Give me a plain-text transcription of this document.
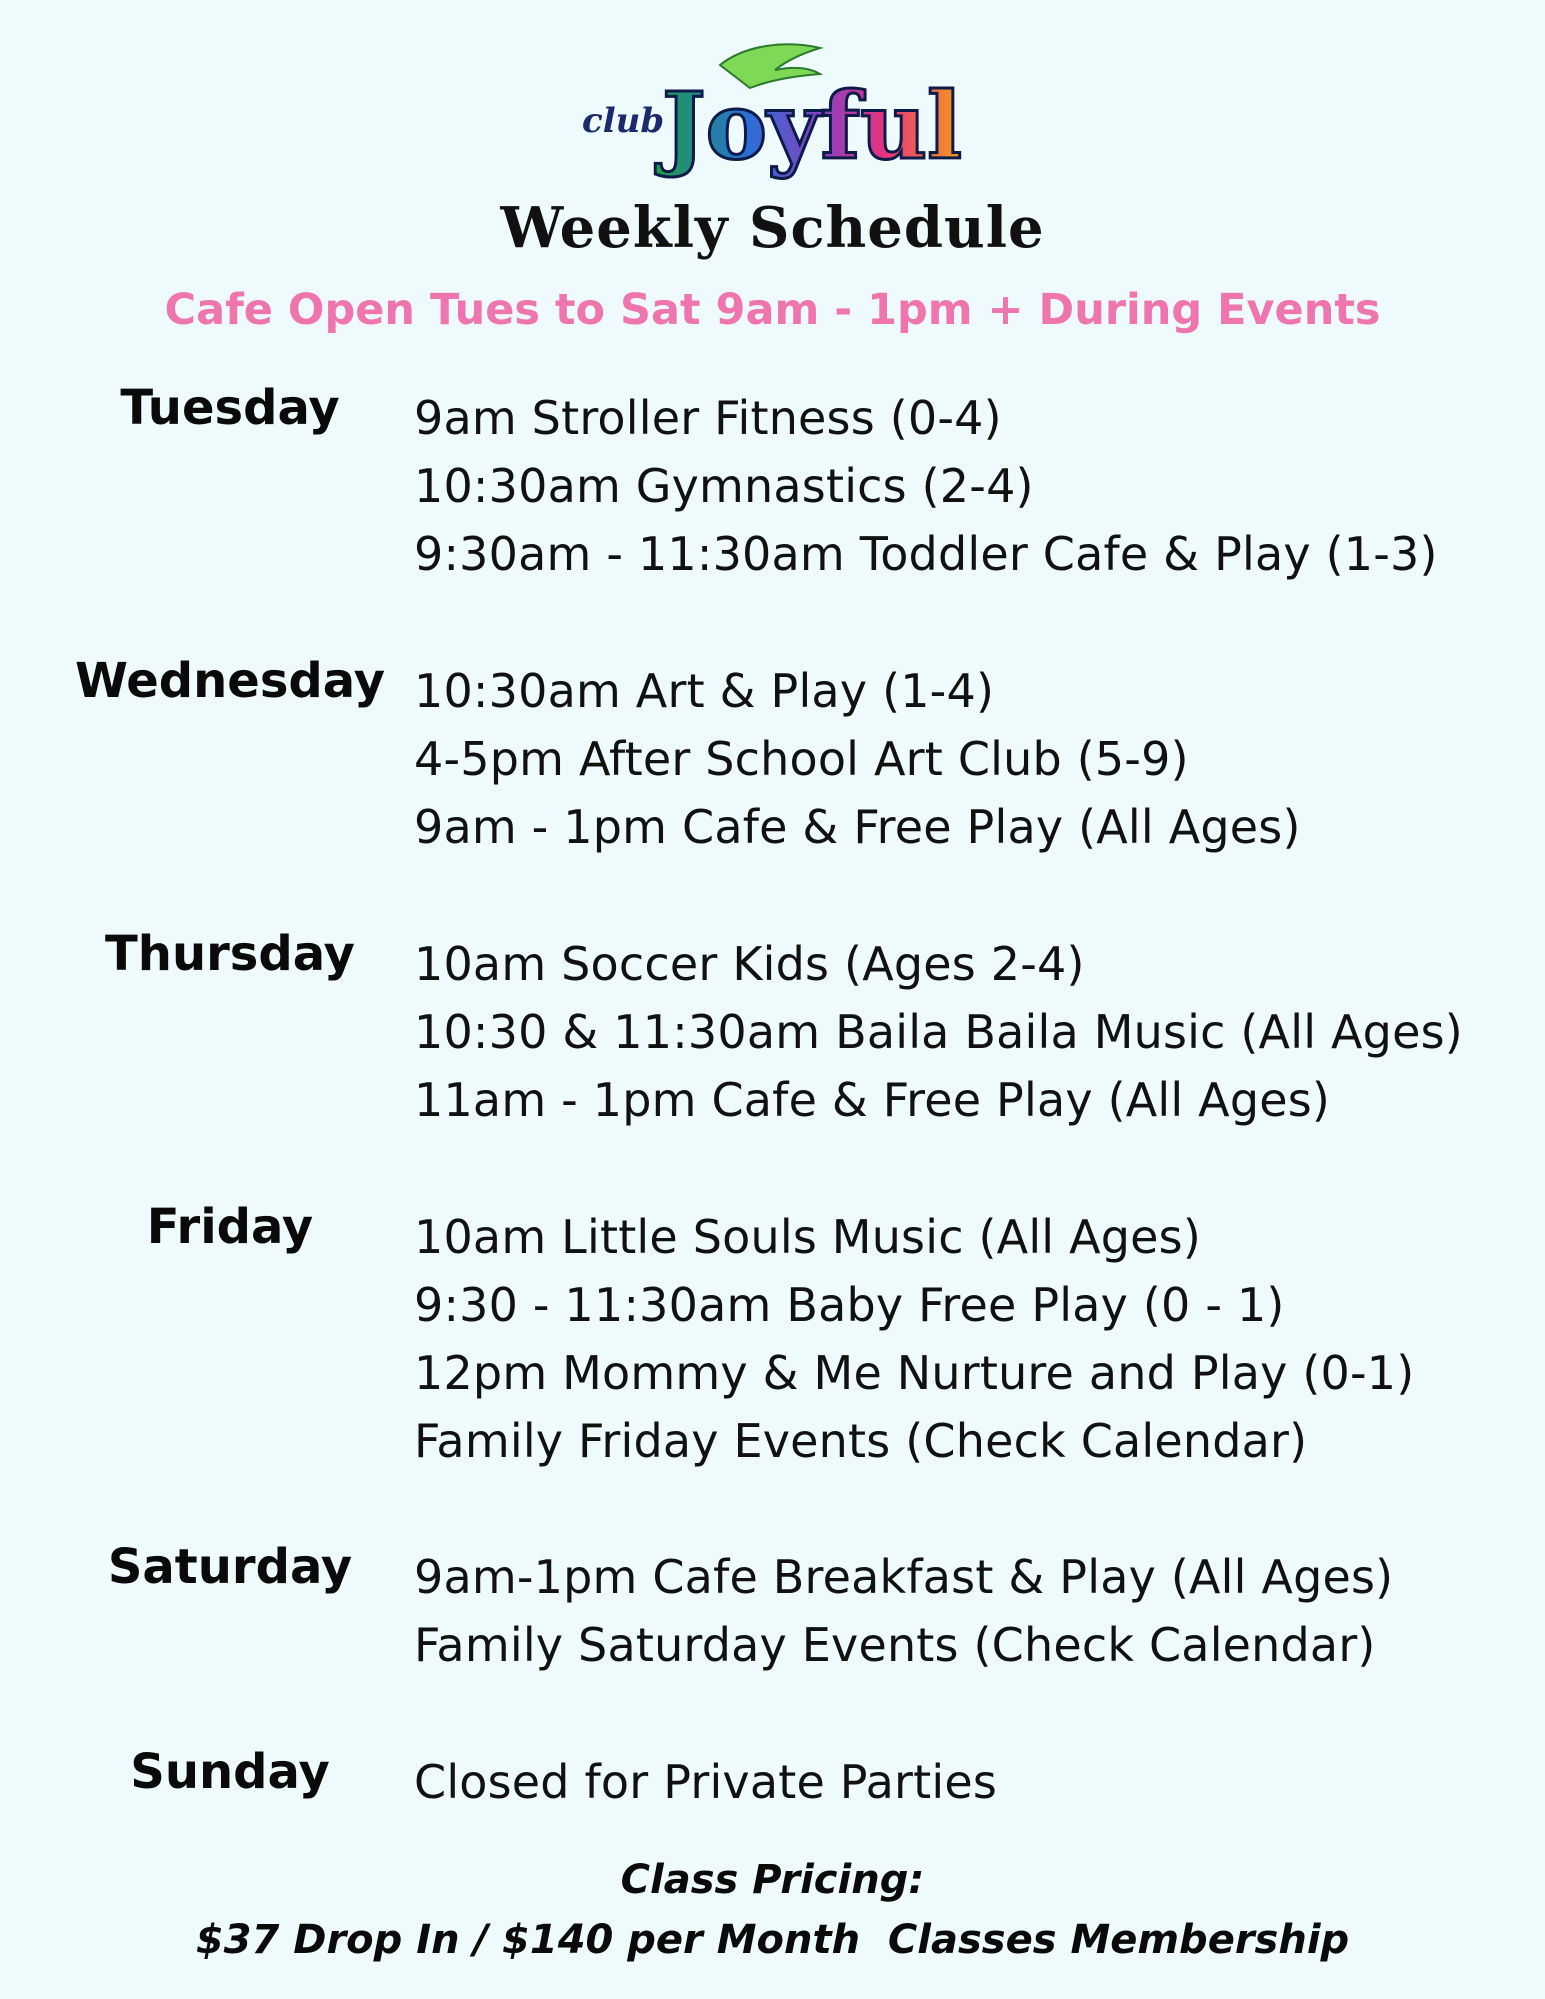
club
Joyful
Weekly Schedule
Cafe Open Tues to Sat 9am - 1pm + During Events
Tuesday	9am Stroller Fitness (0-4)
10:30am Gymnastics (2-4)
9:30am - 11:30am Toddler Cafe & Play (1-3)
Wednesday 10:30am Art & Play (1-4)
4-5pm After School Art Club (5-9)
9am - 1pm Cafe & Free Play (All Ages)
Thursday	10am Soccer Kids (Ages 2-4)
10:30 & 11:30am Baila Baila Music (All Ages)
11am - 1pm Cafe & Free Play (All Ages)
Friday	10am Little Souls Music (All Ages)
9:30 - 11:30am Baby Free Play (0 - 1)
12pm Mommy & Me Nurture and Play (0-1)
Family Friday Events (Check Calendar)
Saturday	9am-1pm Cafe Breakfast & Play (All Ages)
Family Saturday Events (Check Calendar)
Sunday	Closed for Private Parties
Class Pricing:
$37 Drop In / $140 per Month  Classes Membership
